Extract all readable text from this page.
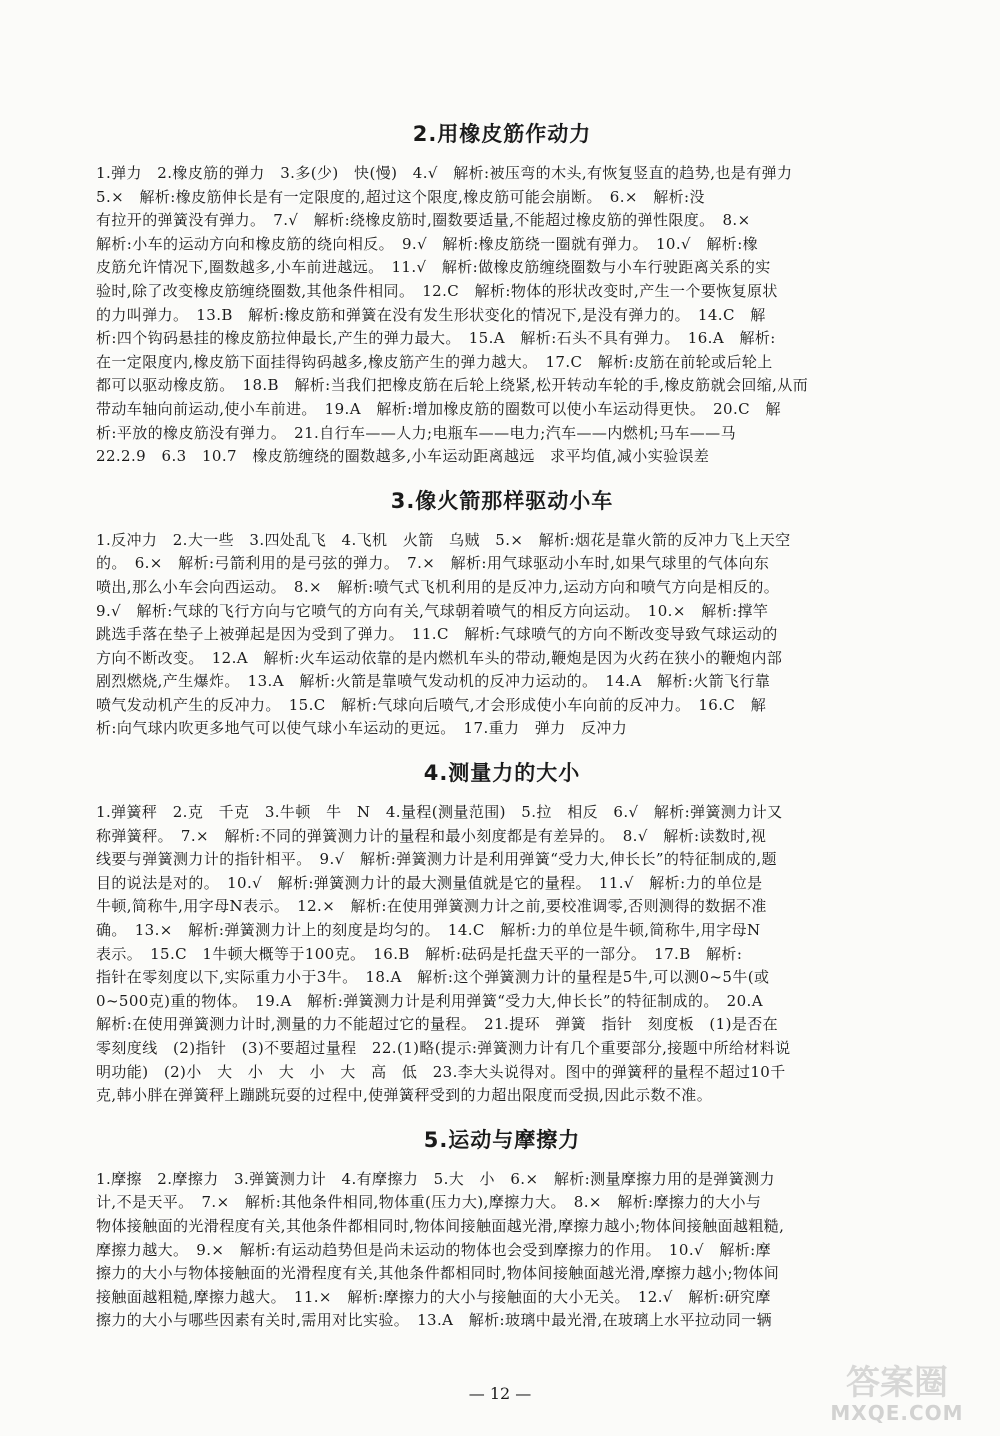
2.用橡皮筋作动力
1.弹力　2.橡皮筋的弹力　3.多(少)　快(慢)　4.√　解析:被压弯的木头,有恢复竖直的趋势,也是有弹力
5.×　解析:橡皮筋伸长是有一定限度的,超过这个限度,橡皮筋可能会崩断。　6.×　解析:没
有拉开的弹簧没有弹力。　7.√　解析:绕橡皮筋时,圈数要适量,不能超过橡皮筋的弹性限度。　8.×
解析:小车的运动方向和橡皮筋的绕向相反。　9.√　解析:橡皮筋绕一圈就有弹力。　10.√　解析:橡
皮筋允许情况下,圈数越多,小车前进越远。　11.√　解析:做橡皮筋缠绕圈数与小车行驶距离关系的实
验时,除了改变橡皮筋缠绕圈数,其他条件相同。　12.C　解析:物体的形状改变时,产生一个要恢复原状
的力叫弹力。　13.B　解析:橡皮筋和弹簧在没有发生形状变化的情况下,是没有弹力的。　14.C　解
析:四个钩码悬挂的橡皮筋拉伸最长,产生的弹力最大。　15.A　解析:石头不具有弹力。　16.A　解析:
在一定限度内,橡皮筋下面挂得钩码越多,橡皮筋产生的弹力越大。　17.C　解析:皮筋在前轮或后轮上
都可以驱动橡皮筋。　18.B　解析:当我们把橡皮筋在后轮上绕紧,松开转动车轮的手,橡皮筋就会回缩,从而
带动车轴向前运动,使小车前进。　19.A　解析:增加橡皮筋的圈数可以使小车运动得更快。　20.C　解
析:平放的橡皮筋没有弹力。　21.自行车——人力;电瓶车——电力;汽车——内燃机;马车——马
22.2.9　6.3　10.7　橡皮筋缠绕的圈数越多,小车运动距离越远　求平均值,减小实验误差
3.像火箭那样驱动小车
1.反冲力　2.大一些　3.四处乱飞　4.飞机　火箭　乌贼　5.×　解析:烟花是靠火箭的反冲力飞上天空
的。　6.×　解析:弓箭利用的是弓弦的弹力。　7.×　解析:用气球驱动小车时,如果气球里的气体向东
喷出,那么小车会向西运动。　8.×　解析:喷气式飞机利用的是反冲力,运动方向和喷气方向是相反的。
9.√　解析:气球的飞行方向与它喷气的方向有关,气球朝着喷气的相反方向运动。　10.×　解析:撑竿
跳选手落在垫子上被弹起是因为受到了弹力。　11.C　解析:气球喷气的方向不断改变导致气球运动的
方向不断改变。　12.A　解析:火车运动依靠的是内燃机车头的带动,鞭炮是因为火药在狭小的鞭炮内部
剧烈燃烧,产生爆炸。　13.A　解析:火箭是靠喷气发动机的反冲力运动的。　14.A　解析:火箭飞行靠
喷气发动机产生的反冲力。　15.C　解析:气球向后喷气,才会形成使小车向前的反冲力。　16.C　解
析:向气球内吹更多地气可以使气球小车运动的更远。　17.重力　弹力　反冲力
4.测量力的大小
1.弹簧秤　2.克　千克　3.牛顿　牛　N　4.量程(测量范围)　5.拉　相反　6.√　解析:弹簧测力计又
称弹簧秤。　7.×　解析:不同的弹簧测力计的量程和最小刻度都是有差异的。　8.√　解析:读数时,视
线要与弹簧测力计的指针相平。　9.√　解析:弹簧测力计是利用弹簧“受力大,伸长长”的特征制成的,题
目的说法是对的。　10.√　解析:弹簧测力计的最大测量值就是它的量程。　11.√　解析:力的单位是
牛顿,简称牛,用字母N表示。　12.×　解析:在使用弹簧测力计之前,要校准调零,否则测得的数据不准
确。　13.×　解析:弹簧测力计上的刻度是均匀的。　14.C　解析:力的单位是牛顿,简称牛,用字母N
表示。　15.C　1牛顿大概等于100克。　16.B　解析:砝码是托盘天平的一部分。　17.B　解析:
指针在零刻度以下,实际重力小于3牛。　18.A　解析:这个弹簧测力计的量程是5牛,可以测0~5牛(或
0~500克)重的物体。　19.A　解析:弹簧测力计是利用弹簧“受力大,伸长长”的特征制成的。　20.A
解析:在使用弹簧测力计时,测量的力不能超过它的量程。　21.提环　弹簧　指针　刻度板　(1)是否在
零刻度线　(2)指针　(3)不要超过量程　22.(1)略(提示:弹簧测力计有几个重要部分,接题中所给材料说
明功能)　(2)小　大　小　大　小　大　高　低　23.李大头说得对。图中的弹簧秤的量程不超过10千
克,韩小胖在弹簧秤上蹦跳玩耍的过程中,使弹簧秤受到的力超出限度而受损,因此示数不准。
5.运动与摩擦力
1.摩擦　2.摩擦力　3.弹簧测力计　4.有摩擦力　5.大　小　6.×　解析:测量摩擦力用的是弹簧测力
计,不是天平。　7.×　解析:其他条件相同,物体重(压力大),摩擦力大。　8.×　解析:摩擦力的大小与
物体接触面的光滑程度有关,其他条件都相同时,物体间接触面越光滑,摩擦力越小;物体间接触面越粗糙,
摩擦力越大。　9.×　解析:有运动趋势但是尚未运动的物体也会受到摩擦力的作用。　10.√　解析:摩
擦力的大小与物体接触面的光滑程度有关,其他条件都相同时,物体间接触面越光滑,摩擦力越小;物体间
接触面越粗糙,摩擦力越大。　11.×　解析:摩擦力的大小与接触面的大小无关。　12.√　解析:研究摩
擦力的大小与哪些因素有关时,需用对比实验。　13.A　解析:玻璃中最光滑,在玻璃上水平拉动同一辆
— 12 —	答案圈
MXQE.COM
